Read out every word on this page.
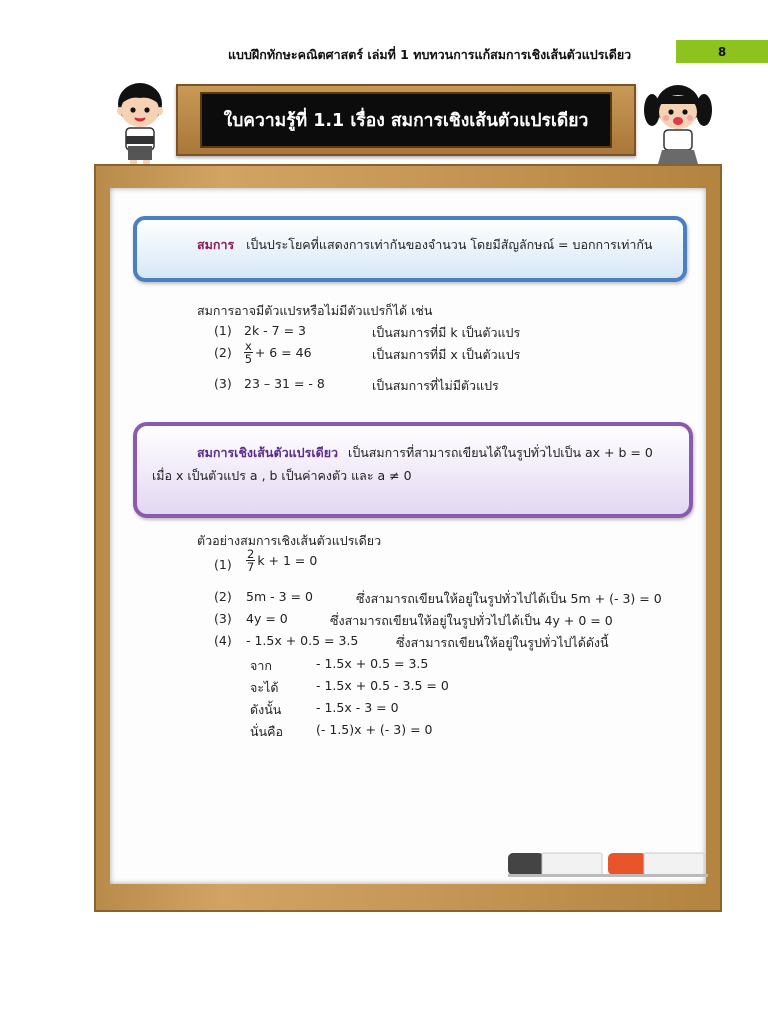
แบบฝึกทักษะคณิตศาสตร์ เล่มที่ 1 ทบทวนการแก้สมการเชิงเส้นตัวแปรเดียว	8
ใบความรู้ที่ 1.1 เรื่อง สมการเชิงเส้นตัวแปรเดียว
สมการ เป็นประโยคที่แสดงการเท่ากันของจำนวน โดยมีสัญลักษณ์ = บอกการเท่ากัน
สมการอาจมีตัวแปรหรือไม่มีตัวแปรก็ได้ เช่น
(1) 2k - 7 = 3	เป็นสมการที่มี k เป็นตัวแปร
$(2) \frac{x}{5} + 6 = 46$	เป็นสมการที่มี x เป็นตัวแปร
(3) 23 – 31 = - 8	เป็นสมการที่ไม่มีตัวแปร
สมการเชิงเส้นตัวแปรเดียว เป็นสมการที่สามารถเขียนได้ในรูปทั่วไปเป็น ax + b = 0
เมื่อ x เป็นตัวแปร a , b เป็นค่าคงตัว และ a ≠ 0
ตัวอย่างสมการเชิงเส้นตัวแปรเดียว
$(1) \frac{2}{7}$ k + 1 = 0
(2) 5m - 3 = 0	ซึ่งสามารถเขียนให้อยู่ในรูปทั่วไปได้เป็น 5m + (- 3) = 0
(3) 4y = 0	ซึ่งสามารถเขียนให้อยู่ในรูปทั่วไปได้เป็น 4y + 0 = 0
(4) - 1.5x + 0.5 = 3.5	ซึ่งสามารถเขียนให้อยู่ในรูปทั่วไปได้ดังนี้
จาก	- 1.5x + 0.5 = 3.5
จะได้	- 1.5x + 0.5 - 3.5 = 0
ดังนั้น	- 1.5x - 3 = 0
นั่นคือ	(- 1.5)x + (- 3) = 0
